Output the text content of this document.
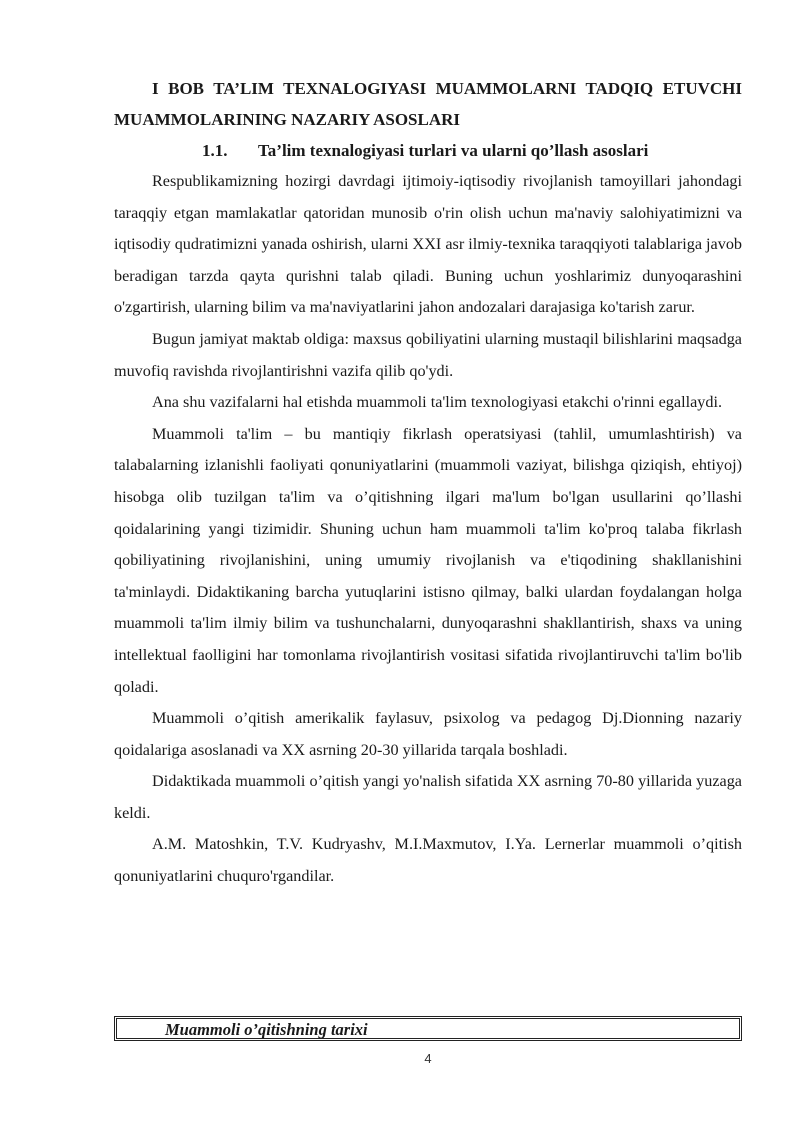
I BOB TA’LIM TEXNALOGIYASI MUAMMOLARNI TADQIQ ETUVCHI MUAMMOLARINING NAZARIY ASOSLARI

1.1. Ta’lim texnalogiyasi turlari va ularni qo’llash asoslari

Respublikamizning hozirgi davrdagi ijtimoiy-iqtisodiy rivojlanish tamoyillari jahondagi taraqqiy etgan mamlakatlar qatoridan munosib o'rin olish uchun ma'naviy salohiyatimizni va iqtisodiy qudratimizni yanada oshirish, ularni XXI asr ilmiy-texnika taraqqiyoti talablariga javob beradigan tarzda qayta qurishni talab qiladi. Buning uchun yoshlarimiz dunyoqarashini o'zgartirish, ularning bilim va ma'naviyatlarini jahon andozalari darajasiga ko'tarish zarur.

Bugun jamiyat maktab oldiga: maxsus qobiliyatini ularning mustaqil bilishlarini maqsadga muvofiq ravishda rivojlantirishni vazifa qilib qo'ydi.

Ana shu vazifalarni hal etishda muammoli ta'lim texnologiyasi etakchi o'rinni egallaydi.

Muammoli ta'lim – bu mantiqiy fikrlash operatsiyasi (tahlil, umumlashtirish) va talabalarning izlanishli faoliyati qonuniyatlarini (muammoli vaziyat, bilishga qiziqish, ehtiyoj) hisobga olib tuzilgan ta'lim va o’qitishning ilgari ma'lum bo'lgan usullarini qo’llashi qoidalarining yangi tizimidir. Shuning uchun ham muammoli ta'lim ko'proq talaba fikrlash qobiliyatining rivojlanishini, uning umumiy rivojlanish va e'tiqodining shakllanishini ta'minlaydi. Didaktikaning barcha yutuqlarini istisno qilmay, balki ulardan foydalangan holga muammoli ta'lim ilmiy bilim va tushunchalarni, dunyoqarashni shakllantirish, shaxs va uning intellektual faolligini har tomonlama rivojlantirish vositasi sifatida rivojlantiruvchi ta'lim bo'lib qoladi.

Muammoli o’qitish amerikalik faylasuv, psixolog va pedagog Dj.Dionning nazariy qoidalariga asoslanadi va XX asrning 20-30 yillarida tarqala boshladi.

Didaktikada muammoli o’qitish yangi yo'nalish sifatida XX asrning 70-80 yillarida yuzaga keldi.

A.M. Matoshkin, T.V. Kudryashv, M.I.Maxmutov, I.Ya. Lernerlar muammoli o’qitish qonuniyatlarini chuquro'rgandilar.

Muammoli o’qitishning tarixi
4
